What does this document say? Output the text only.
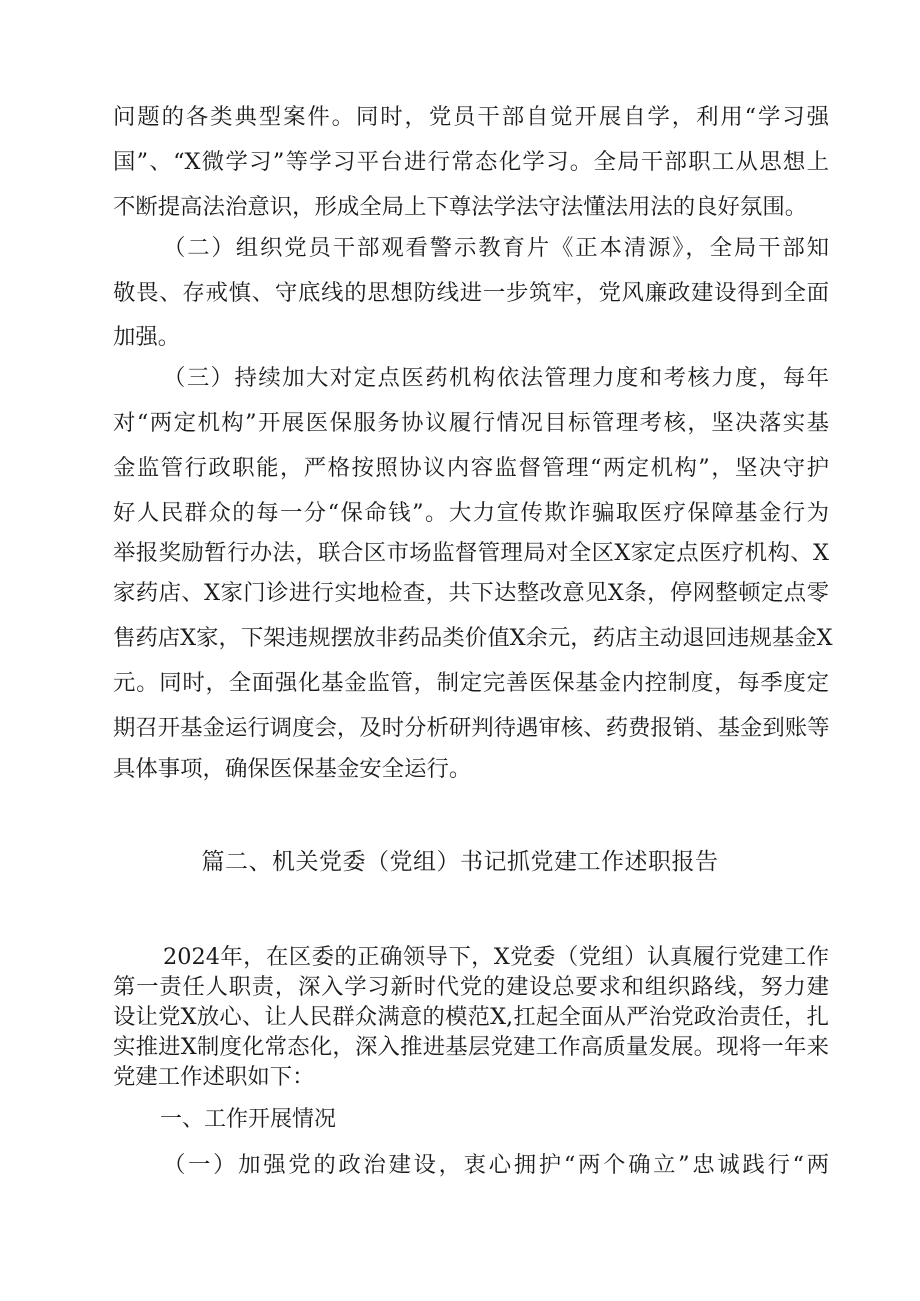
问题的各类典型案件。同时，党员干部自觉开展自学，利用“学习强
国”、“X微学习”等学习平台进行常态化学习。全局干部职工从思想上
不断提高法治意识，形成全局上下尊法学法守法懂法用法的良好氛围。
（二）组织党员干部观看警示教育片《正本清源》，全局干部知
敬畏、存戒慎、守底线的思想防线进一步筑牢，党风廉政建设得到全面
加强。
（三）持续加大对定点医药机构依法管理力度和考核力度，每年
对“两定机构”开展医保服务协议履行情况目标管理考核，坚决落实基
金监管行政职能，严格按照协议内容监督管理“两定机构”，坚决守护
好人民群众的每一分“保命钱”。大力宣传欺诈骗取医疗保障基金行为
举报奖励暂行办法，联合区市场监督管理局对全区X家定点医疗机构、X
家药店、X家门诊进行实地检查，共下达整改意见X条，停网整顿定点零
售药店X家，下架违规摆放非药品类价值X余元，药店主动退回违规基金X
元。同时，全面强化基金监管，制定完善医保基金内控制度，每季度定
期召开基金运行调度会，及时分析研判待遇审核、药费报销、基金到账等
具体事项，确保医保基金安全运行。
篇二、机关党委（党组）书记抓党建工作述职报告
2024年，在区委的正确领导下，X党委（党组）认真履行党建工作
第一责任人职责，深入学习新时代党的建设总要求和组织路线，努力建
设让党X放心、让人民群众满意的模范X,扛起全面从严治党政治责任，扎
实推进X制度化常态化，深入推进基层党建工作高质量发展。现将一年来
党建工作述职如下：
一、工作开展情况
（一）加强党的政治建设，衷心拥护“两个确立”忠诚践行“两
